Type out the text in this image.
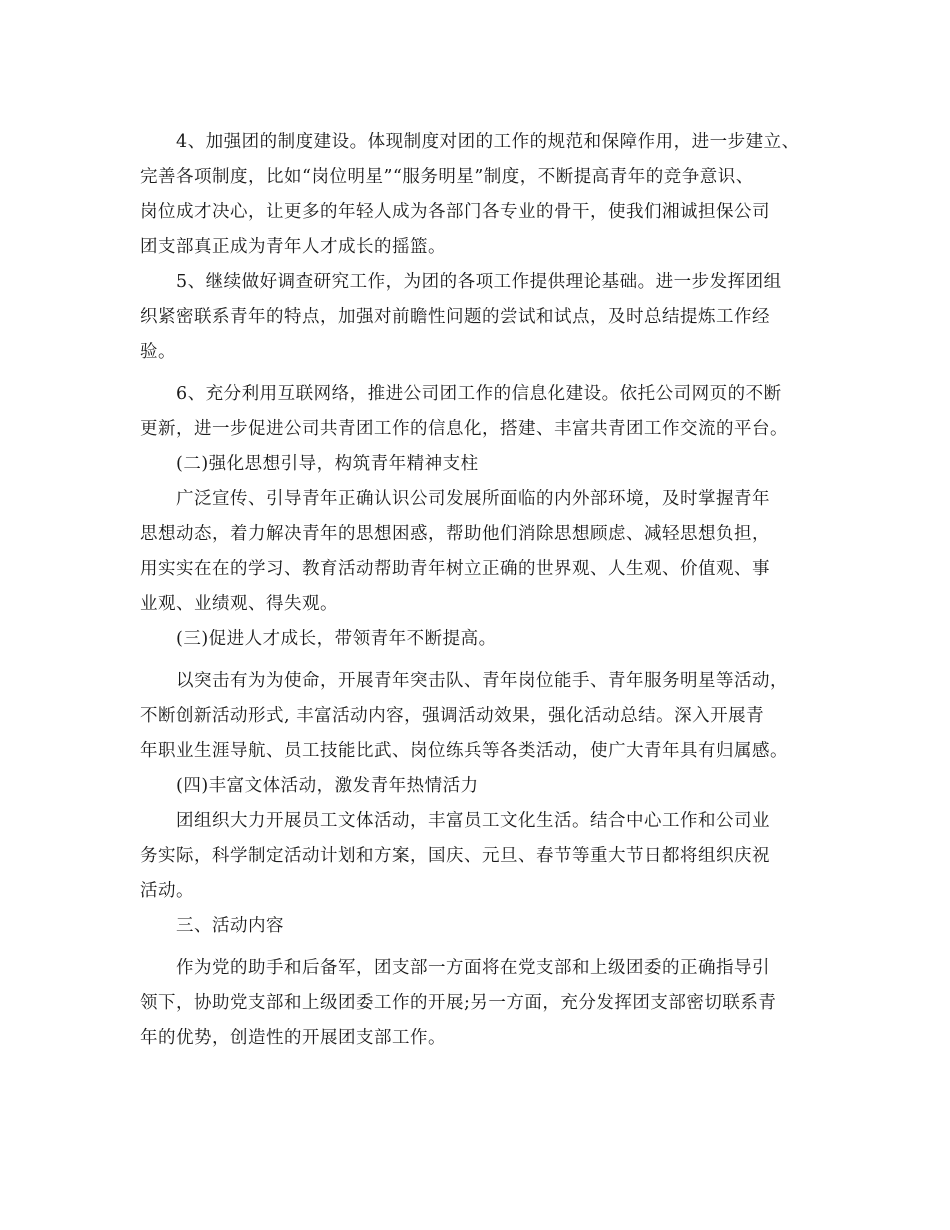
4、加强团的制度建设。体现制度对团的工作的规范和保障作用，进一步建立、

完善各项制度，比如“岗位明星”“服务明星”制度，不断提高青年的竞争意识、

岗位成才决心，让更多的年轻人成为各部门各专业的骨干，使我们湘诚担保公司

团支部真正成为青年人才成长的摇篮。

5、继续做好调查研究工作，为团的各项工作提供理论基础。进一步发挥团组

织紧密联系青年的特点，加强对前瞻性问题的尝试和试点，及时总结提炼工作经

验。

6、充分利用互联网络，推进公司团工作的信息化建设。依托公司网页的不断

更新，进一步促进公司共青团工作的信息化，搭建、丰富共青团工作交流的平台。

(二)强化思想引导，构筑青年精神支柱

广泛宣传、引导青年正确认识公司发展所面临的内外部环境，及时掌握青年

思想动态，着力解决青年的思想困惑，帮助他们消除思想顾虑、减轻思想负担，

用实实在在的学习、教育活动帮助青年树立正确的世界观、人生观、价值观、事

业观、业绩观、得失观。

(三)促进人才成长，带领青年不断提高。

以突击有为为使命，开展青年突击队、青年岗位能手、青年服务明星等活动，

不断创新活动形式, 丰富活动内容，强调活动效果，强化活动总结。深入开展青

年职业生涯导航、员工技能比武、岗位练兵等各类活动，使广大青年具有归属感。

(四)丰富文体活动，激发青年热情活力

团组织大力开展员工文体活动，丰富员工文化生活。结合中心工作和公司业

务实际，科学制定活动计划和方案，国庆、元旦、春节等重大节日都将组织庆祝

活动。

三、活动内容

作为党的助手和后备军，团支部一方面将在党支部和上级团委的正确指导引

领下，协助党支部和上级团委工作的开展;另一方面，充分发挥团支部密切联系青

年的优势，创造性的开展团支部工作。
